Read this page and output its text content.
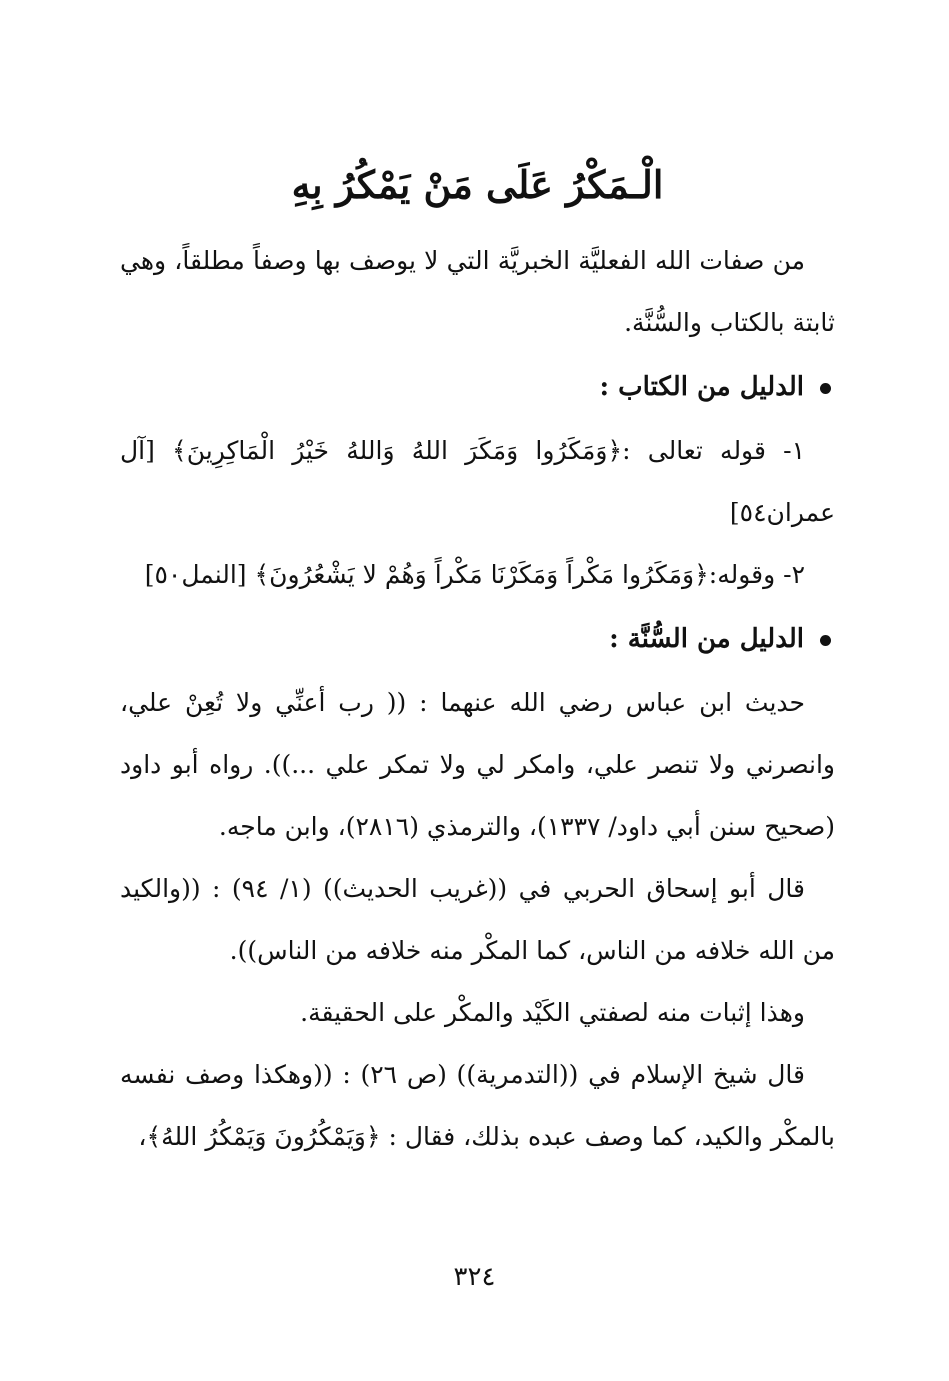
الْـمَكْرُ عَلَى مَنْ يَمْكُرُ بِهِ

من صفات الله الفعليَّة الخبريَّة التي لا يوصف بها وصفاً مطلقاً، وهي ثابتة بالكتاب والسُّنَّة.

الدليل من الكتاب :

١- قوله تعالى :﴿وَمَكَرُوا وَمَكَرَ اللهُ وَاللهُ خَيْرُ الْمَاكِرِينَ﴾ [آل عمران٥٤]

٢- وقوله:﴿وَمَكَرُوا مَكْراً وَمَكَرْنَا مَكْراً وَهُمْ لا يَشْعُرُونَ﴾ [النمل٥٠]

الدليل من السُّنَّة :

حديث ابن عباس رضي الله عنهما : (( رب أعنِّي ولا تُعِنْ علي، وانصرني ولا تنصر علي، وامكر لي ولا تمكر علي ...)). رواه أبو داود (صحيح سنن أبي داود/ ١٣٣٧)، والترمذي (٢٨١٦)، وابن ماجه.

قال أبو إسحاق الحربي في ((غريب الحديث)) (١/ ٩٤) : ((والكيد من الله خلافه من الناس، كما المكْر منه خلافه من الناس)).

وهذا إثبات منه لصفتي الكَيْد والمكْر على الحقيقة.

قال شيخ الإسلام في ((التدمرية)) (ص ٢٦) : ((وهكذا وصف نفسه بالمكْر والكيد، كما وصف عبده بذلك، فقال : ﴿وَيَمْكُرُونَ وَيَمْكُرُ اللهُ﴾،

٣٢٤
